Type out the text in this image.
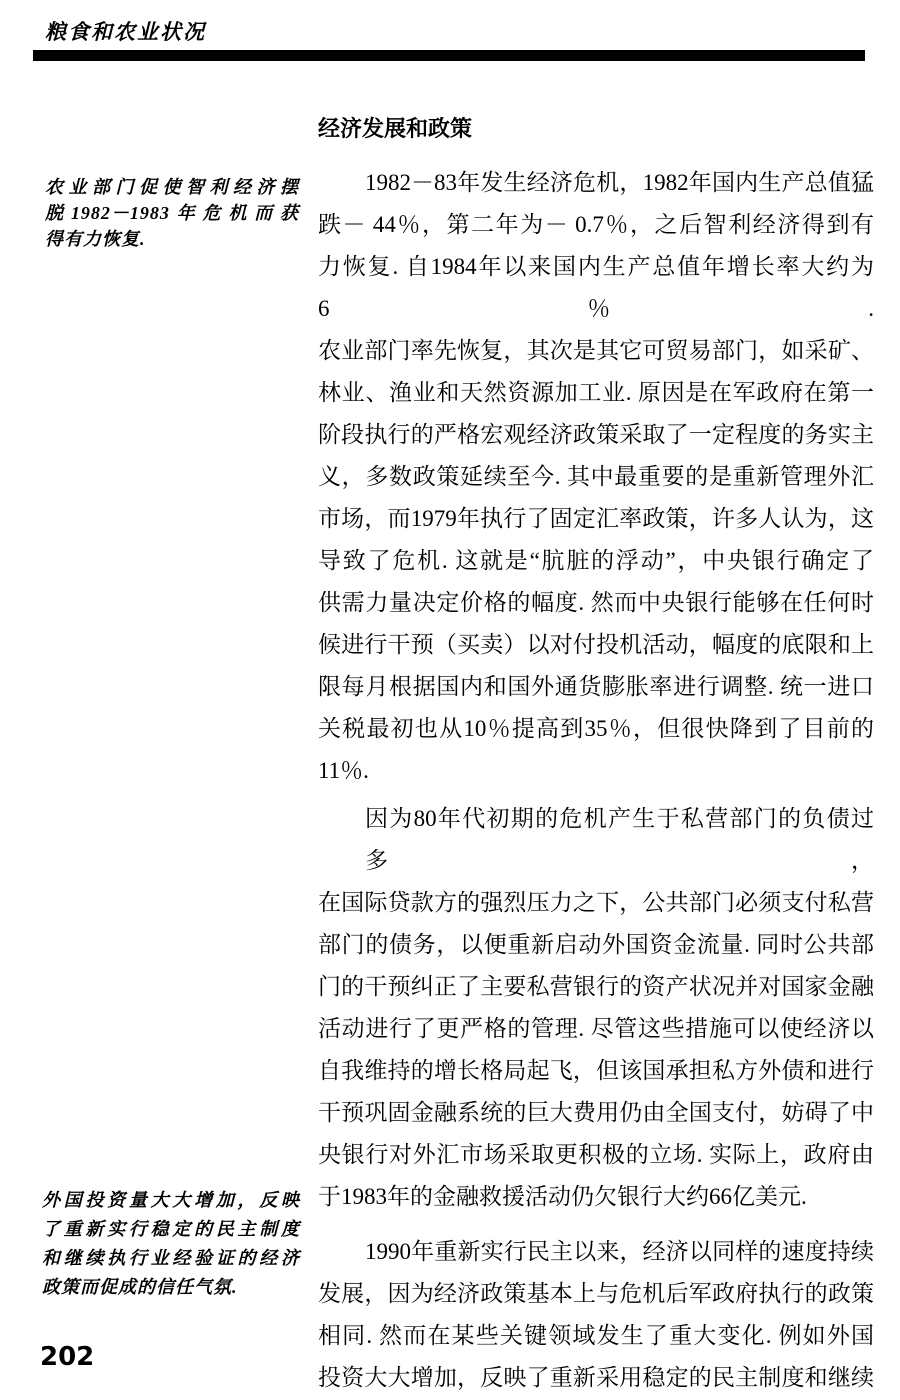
粮食和农业状况
农业部门促使智利经济摆
脱1982－1983年危机而获
得有力恢复.
外国投资量大大增加，反映
了重新实行稳定的民主制度
和继续执行业经验证的经济
政策而促成的信任气氛.
经济发展和政策
1982－83年发生经济危机，1982年国内生产总值猛
跌－ 44％，第二年为－ 0.7％，之后智利经济得到有
力恢复. 自1984年以来国内生产总值年增长率大约为6％.
农业部门率先恢复，其次是其它可贸易部门，如采矿、
林业、渔业和天然资源加工业. 原因是在军政府在第一
阶段执行的严格宏观经济政策采取了一定程度的务实主
义，多数政策延续至今. 其中最重要的是重新管理外汇
市场，而1979年执行了固定汇率政策，许多人认为，这
导致了危机. 这就是“肮脏的浮动”，中央银行确定了
供需力量决定价格的幅度. 然而中央银行能够在任何时
候进行干预（买卖）以对付投机活动，幅度的底限和上
限每月根据国内和国外通货膨胀率进行调整. 统一进口
关税最初也从10％提高到35％，但很快降到了目前的
11％.
因为80年代初期的危机产生于私营部门的负债过多，
在国际贷款方的强烈压力之下，公共部门必须支付私营
部门的债务，以便重新启动外国资金流量. 同时公共部
门的干预纠正了主要私营银行的资产状况并对国家金融
活动进行了更严格的管理. 尽管这些措施可以使经济以
自我维持的增长格局起飞，但该国承担私方外债和进行
干预巩固金融系统的巨大费用仍由全国支付，妨碍了中
央银行对外汇市场采取更积极的立场. 实际上，政府由
于1983年的金融救援活动仍欠银行大约66亿美元.
1990年重新实行民主以来，经济以同样的速度持续
发展，因为经济政策基本上与危机后军政府执行的政策
相同. 然而在某些关键领域发生了重大变化. 例如外国
投资大大增加，反映了重新采用稳定的民主制度和继续
202
